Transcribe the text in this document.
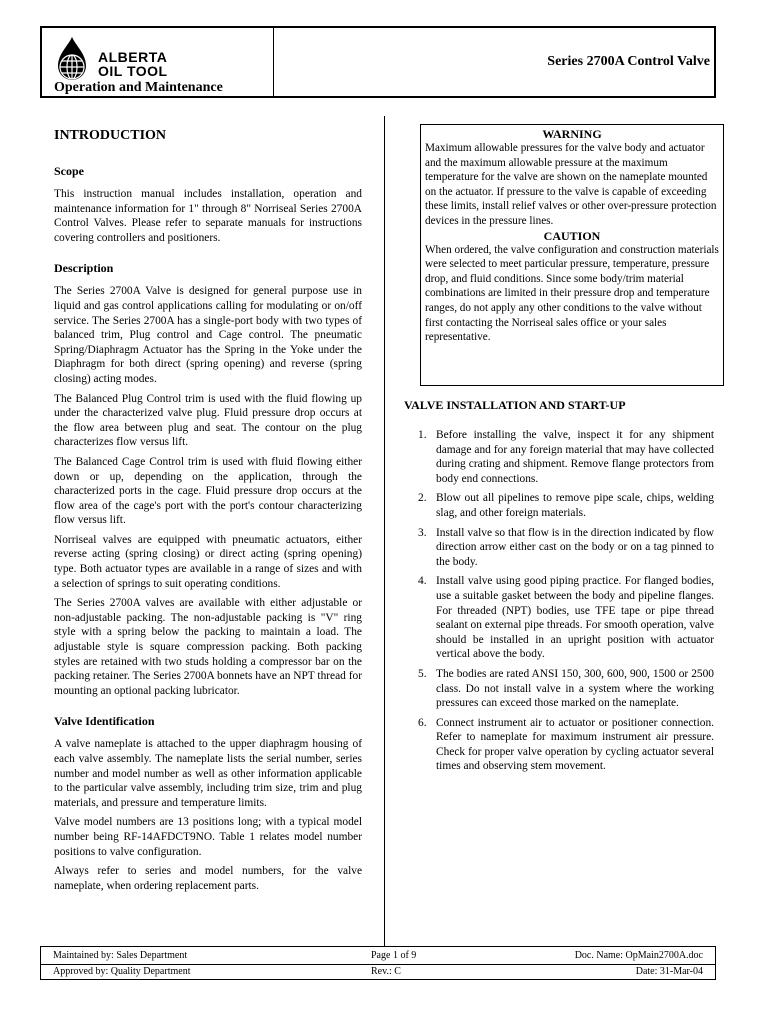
ALBERTA
OIL TOOL
Operation and Maintenance
Series 2700A Control Valve
INTRODUCTION
Scope

This instruction manual includes installation, operation and maintenance information for 1" through 8" Norriseal Series 2700A Control Valves. Please refer to separate manuals for instructions covering controllers and positioners.

Description

The Series 2700A Valve is designed for general purpose use in liquid and gas control applications calling for modulating or on/off service. The Series 2700A has a single-port body with two types of balanced trim, Plug control and Cage control. The pneumatic Spring/Diaphragm Actuator has the Spring in the Yoke under the Diaphragm for both direct (spring opening) and reverse (spring closing) acting modes.

The Balanced Plug Control trim is used with the fluid flowing up under the characterized valve plug. Fluid pressure drop occurs at the flow area between plug and seat. The contour on the plug characterizes flow versus lift.

The Balanced Cage Control trim is used with fluid flowing either down or up, depending on the application, through the characterized ports in the cage. Fluid pressure drop occurs at the flow area of the cage's port with the port's contour characterizing flow versus lift.

Norriseal valves are equipped with pneumatic actuators, either reverse acting (spring closing) or direct acting (spring opening) type. Both actuator types are available in a range of sizes and with a selection of springs to suit operating conditions.

The Series 2700A valves are available with either adjustable or non-adjustable packing. The non-adjustable packing is "V" ring style with a spring below the packing to maintain a load. The adjustable style is square compression packing. Both packing styles are retained with two studs holding a compressor bar on the packing retainer. The Series 2700A bonnets have an NPT thread for mounting an optional packing lubricator.

Valve Identification

A valve nameplate is attached to the upper diaphragm housing of each valve assembly. The nameplate lists the serial number, series number and model number as well as other information applicable to the particular valve assembly, including trim size, trim and plug materials, and pressure and temperature limits.

Valve model numbers are 13 positions long; with a typical model number being RF-14AFDCT9NO. Table 1 relates model number positions to valve configuration.

Always refer to series and model numbers, for the valve nameplate, when ordering replacement parts.

WARNING

Maximum allowable pressures for the valve body and actuator and the maximum allowable pressure at the maximum temperature for the valve are shown on the nameplate mounted on the actuator. If pressure to the valve is capable of exceeding these limits, install relief valves or other over-pressure protection devices in the pressure lines.

CAUTION

When ordered, the valve configuration and construction materials were selected to meet particular pressure, temperature, pressure drop, and fluid conditions. Since some body/trim material combinations are limited in their pressure drop and temperature ranges, do not apply any other conditions to the valve without first contacting the Norriseal sales office or your sales representative.

VALVE INSTALLATION AND START-UP
1. Before installing the valve, inspect it for any shipment damage and for any foreign material that may have collected during crating and shipment. Remove flange protectors from body end connections.
2. Blow out all pipelines to remove pipe scale, chips, welding slag, and other foreign materials.
3. Install valve so that flow is in the direction indicated by flow direction arrow either cast on the body or on a tag pinned to the body.
4. Install valve using good piping practice. For flanged bodies, use a suitable gasket between the body and pipeline flanges. For threaded (NPT) bodies, use TFE tape or pipe thread sealant on external pipe threads. For smooth operation, valve should be installed in an upright position with actuator vertical above the body.
5. The bodies are rated ANSI 150, 300, 600, 900, 1500 or 2500 class. Do not install valve in a system where the working pressures can exceed those marked on the nameplate.
6. Connect instrument air to actuator or positioner connection. Refer to nameplate for maximum instrument air pressure. Check for proper valve operation by cycling actuator several times and observing stem movement.
Maintained by: Sales Department	Page 1 of 9	Doc. Name: OpMain2700A.doc
Approved by: Quality Department	Rev.: C	Date: 31-Mar-04
